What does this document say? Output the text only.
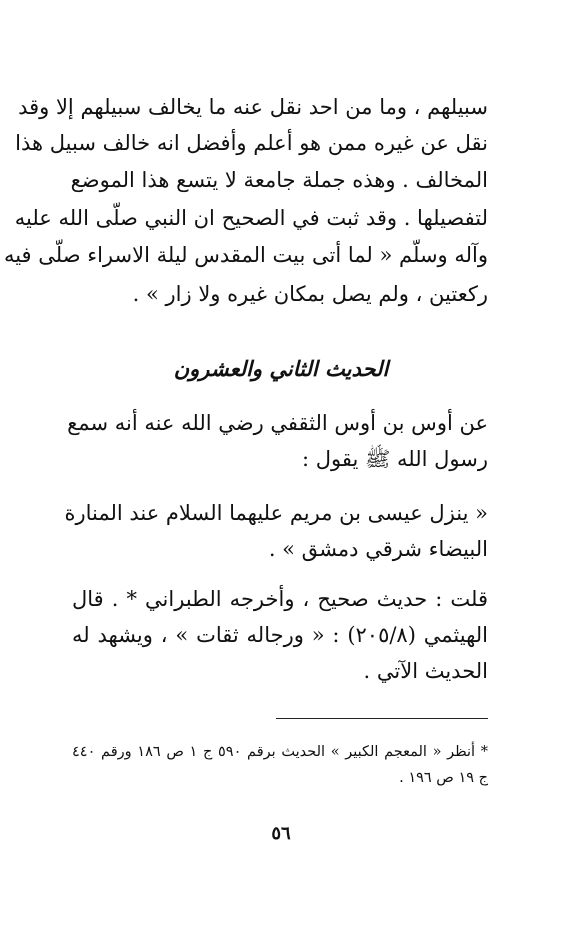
سبيلهم ، وما من احد نقل عنه ما يخالف سبيلهم إلا وقد
نقل عن غيره ممن هو أعلم وأفضل انه خالف سبيل هذا
المخالف . وهذه جملة جامعة لا يتسع هذا الموضع
لتفصيلها . وقد ثبت في الصحيح ان النبي صلّى الله عليه
وآله وسلّم « لما أتى بيت المقدس ليلة الاسراء صلّى فيه
ركعتين ، ولم يصل بمكان غيره ولا زار » .
الحديث الثاني والعشرون
عن أوس بن أوس الثقفي رضي الله عنه أنه سمع
رسول الله ﷺ يقول :
« ينزل عيسى بن مريم عليهما السلام عند المنارة
البيضاء شرقي دمشق » .
قلت : حديث صحيح ، وأخرجه الطبراني * . قال
الهيثمي (٢٠٥/٨) : « ورجاله ثقات » ، ويشهد له
الحديث الآتي .
* أنظر « المعجم الكبير » الحديث برقم ٥٩٠ ج ١ ص ١٨٦ ورقم ٤٤٠
ج ١٩ ص ١٩٦ .
٥٦
